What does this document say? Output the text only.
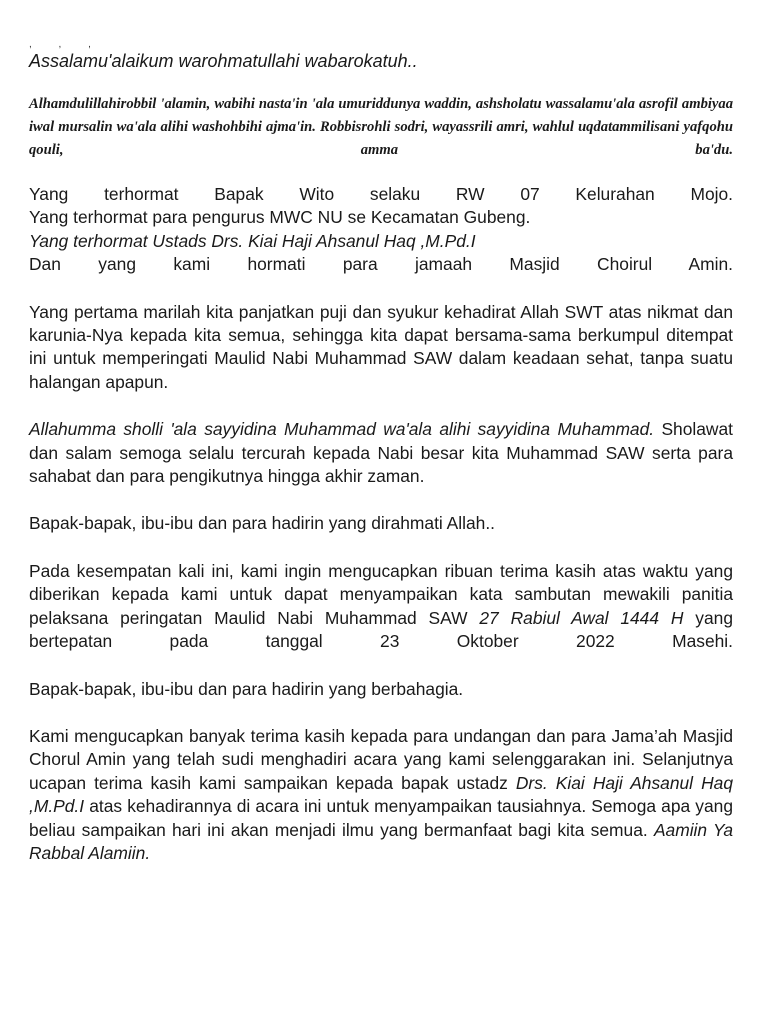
, , ,

Assalamu'alaikum warohmatullahi wabarokatuh..

Alhamdulillahirobbil 'alamin, wabihi nasta'in 'ala umuriddunya waddin, ashsholatu wassalamu'ala asrofil ambiyaa iwal mursalin wa'ala alihi washohbihi ajma'in. Robbisrohli sodri, wayassrili amri, wahlul uqdatammilisani yafqohu qouli, amma ba'du.

Yang terhormat Bapak Wito selaku RW 07 Kelurahan Mojo.

Yang terhormat para pengurus MWC NU se Kecamatan Gubeng.

Yang terhormat Ustads Drs. Kiai Haji Ahsanul Haq ,M.Pd.I

Dan yang kami hormati para jamaah Masjid Choirul Amin.

Yang pertama marilah kita panjatkan puji dan syukur kehadirat Allah SWT atas nikmat dan karunia-Nya kepada kita semua, sehingga kita dapat bersama-sama berkumpul ditempat ini untuk memperingati Maulid Nabi Muhammad SAW dalam keadaan sehat, tanpa suatu halangan apapun.

Allahumma sholli 'ala sayyidina Muhammad wa'ala alihi sayyidina Muhammad. Sholawat dan salam semoga selalu tercurah kepada Nabi besar kita Muhammad SAW serta para sahabat dan para pengikutnya hingga akhir zaman.

Bapak-bapak, ibu-ibu dan para hadirin yang dirahmati Allah..

Pada kesempatan kali ini, kami ingin mengucapkan ribuan terima kasih atas waktu yang diberikan kepada kami untuk dapat menyampaikan kata sambutan mewakili panitia pelaksana peringatan Maulid Nabi Muhammad SAW 27 Rabiul Awal 1444 H yang bertepatan pada tanggal 23 Oktober 2022 Masehi.

Bapak-bapak, ibu-ibu dan para hadirin yang berbahagia.

Kami mengucapkan banyak terima kasih kepada para undangan dan para Jama’ah Masjid Chorul Amin yang telah sudi menghadiri acara yang kami selenggarakan ini. Selanjutnya ucapan terima kasih kami sampaikan kepada bapak ustadz Drs. Kiai Haji Ahsanul Haq ,M.Pd.I atas kehadirannya di acara ini untuk menyampaikan tausiahnya. Semoga apa yang beliau sampaikan hari ini akan menjadi ilmu yang bermanfaat bagi kita semua. Aamiin Ya Rabbal Alamiin.
